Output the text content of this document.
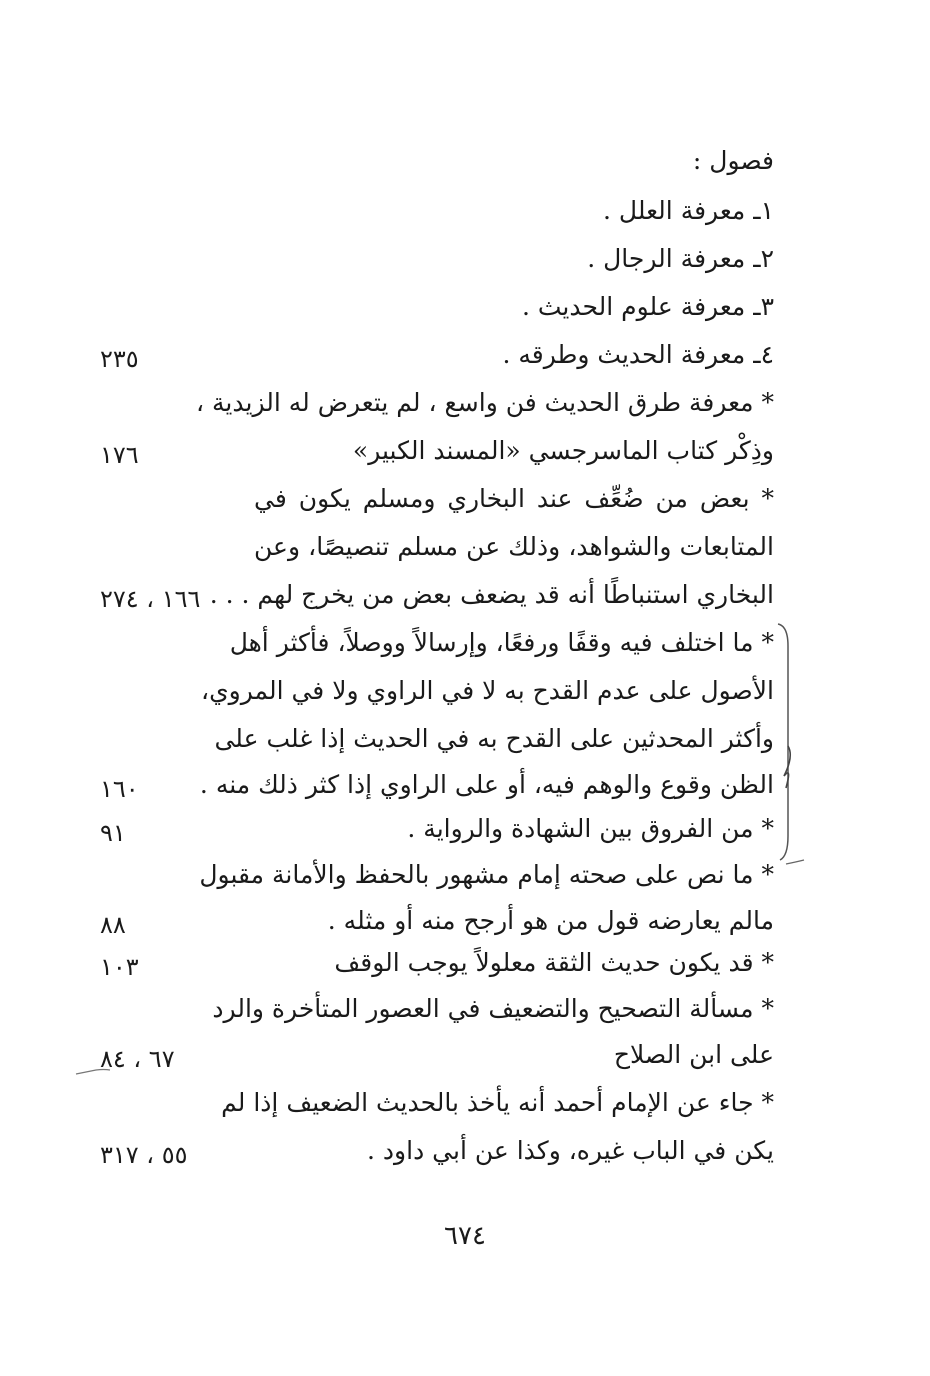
فصول :
١ـ معرفة العلل .
٢ـ معرفة الرجال .
٣ـ معرفة علوم الحديث .
٤ـ معرفة الحديث وطرقه .
٢٣٥
* معرفة طرق الحديث فن واسع ، لم يتعرض له الزيدية ،
وذِكْر كتاب الماسرجسي «المسند الكبير»
١٧٦
* بعض من ضُعِّف عند البخاري ومسلم يكون في
المتابعات والشواهد، وذلك عن مسلم تنصيصًا، وعن
البخاري استنباطًا أنه قد يضعف بعض من يخرج لهم . . .
١٦٦ ، ٢٧٤
* ما اختلف فيه وقفًا ورفعًا، وإرسالاً ووصلاً، فأكثر أهل
الأصول على عدم القدح به لا في الراوي ولا في المروي،
وأكثر المحدثين على القدح به في الحديث إذا غلب على
الظن وقوع والوهم فيه، أو على الراوي إذا كثر ذلك منه .
١٦٠
* من الفروق بين الشهادة والرواية .
٩١
* ما نص على صحته إمام مشهور بالحفظ والأمانة مقبول
مالم يعارضه قول من هو أرجح منه أو مثله .
٨٨
* قد يكون حديث الثقة معلولاً يوجب الوقف
١٠٣
* مسألة التصحيح والتضعيف في العصور المتأخرة والرد
على ابن الصلاح
٦٧ ، ٨٤
* جاء عن الإمام أحمد أنه يأخذ بالحديث الضعيف إذا لم
يكن في الباب غيره، وكذا عن أبي داود .
٥٥ ، ٣١٧
٦٧٤
